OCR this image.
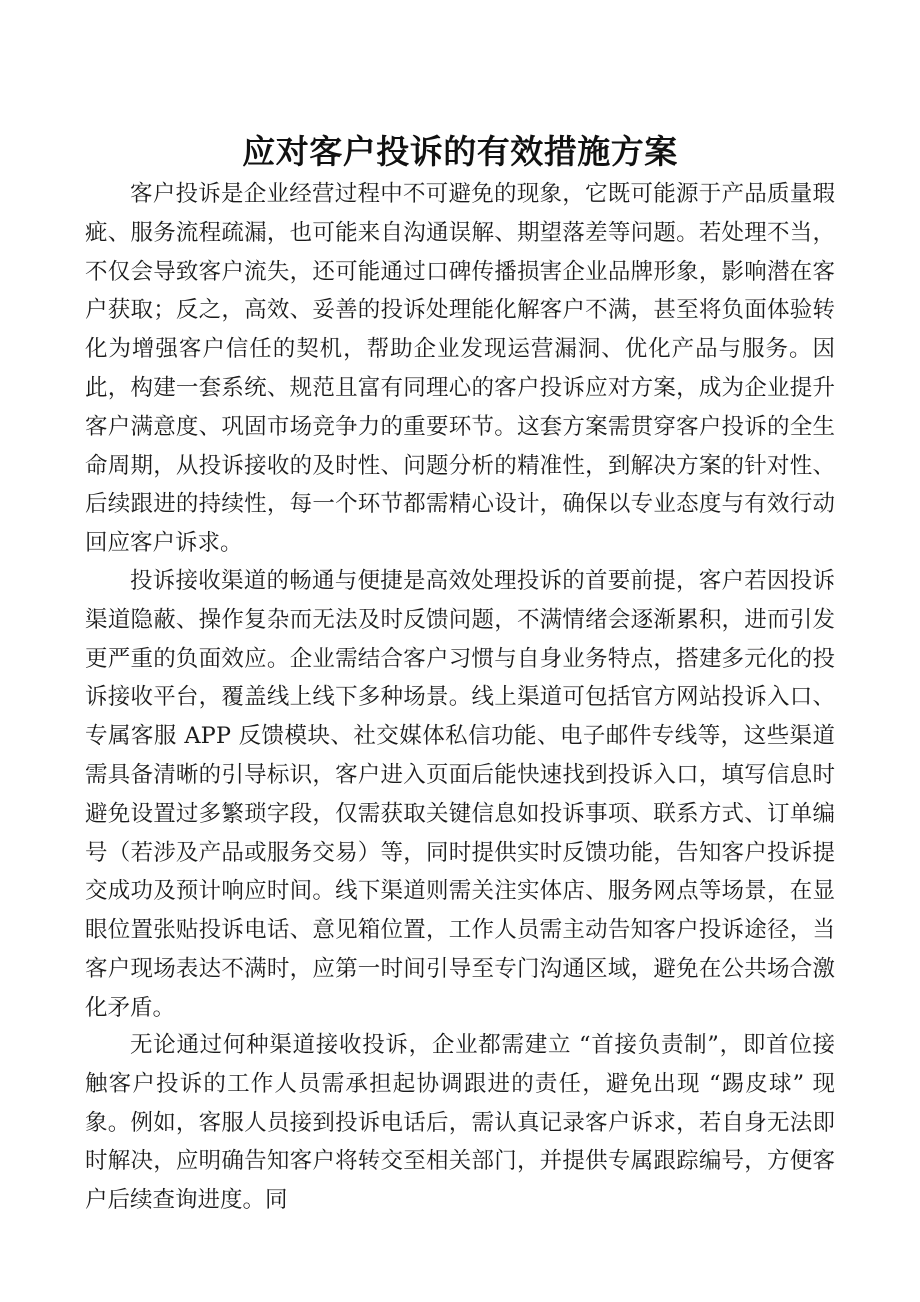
应对客户投诉的有效措施方案

客户投诉是企业经营过程中不可避免的现象，它既可能源于产品质量瑕疵、服务流程疏漏，也可能来自沟通误解、期望落差等问题。若处理不当，不仅会导致客户流失，还可能通过口碑传播损害企业品牌形象，影响潜在客户获取；反之，高效、妥善的投诉处理能化解客户不满，甚至将负面体验转化为增强客户信任的契机，帮助企业发现运营漏洞、优化产品与服务。因此，构建一套系统、规范且富有同理心的客户投诉应对方案，成为企业提升客户满意度、巩固市场竞争力的重要环节。这套方案需贯穿客户投诉的全生命周期，从投诉接收的及时性、问题分析的精准性，到解决方案的针对性、后续跟进的持续性，每一个环节都需精心设计，确保以专业态度与有效行动回应客户诉求。

投诉接收渠道的畅通与便捷是高效处理投诉的首要前提，客户若因投诉渠道隐蔽、操作复杂而无法及时反馈问题，不满情绪会逐渐累积，进而引发更严重的负面效应。企业需结合客户习惯与自身业务特点，搭建多元化的投诉接收平台，覆盖线上线下多种场景。线上渠道可包括官方网站投诉入口、专属客服 APP 反馈模块、社交媒体私信功能、电子邮件专线等，这些渠道需具备清晰的引导标识，客户进入页面后能快速找到投诉入口，填写信息时避免设置过多繁琐字段，仅需获取关键信息如投诉事项、联系方式、订单编号（若涉及产品或服务交易）等，同时提供实时反馈功能，告知客户投诉提交成功及预计响应时间。线下渠道则需关注实体店、服务网点等场景，在显眼位置张贴投诉电话、意见箱位置，工作人员需主动告知客户投诉途径，当客户现场表达不满时，应第一时间引导至专门沟通区域，避免在公共场合激化矛盾。

无论通过何种渠道接收投诉，企业都需建立 “首接负责制”，即首位接触客户投诉的工作人员需承担起协调跟进的责任，避免出现 “踢皮球” 现象。例如，客服人员接到投诉电话后，需认真记录客户诉求，若自身无法即时解决，应明确告知客户将转交至相关部门，并提供专属跟踪编号，方便客户后续查询进度。同
